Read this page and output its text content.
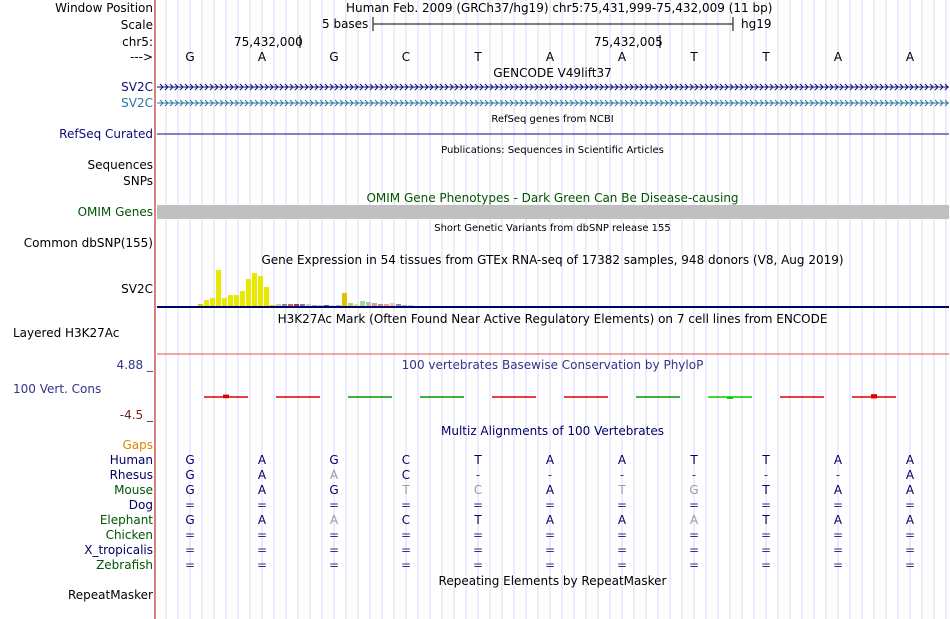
Window Position	Human Feb. 2009 (GRCh37/hg19) chr5:75,431,999-75,432,009 (11 bp)
Scale	5 bases	hg19
chr5:	75,432,000	75,432,005
--->	G	A	G	C	T	A	A	T	T	A	A
GENCODE V49lift37
SV2C
SV2C
RefSeq genes from NCBI
RefSeq Curated
Publications: Sequences in Scientific Articles
Sequences
SNPs
OMIM Gene Phenotypes - Dark Green Can Be Disease-causing
OMIM Genes
Short Genetic Variants from dbSNP release 155
Common dbSNP(155)
Gene Expression in 54 tissues from GTEx RNA-seq of 17382 samples, 948 donors (V8, Aug 2019)
SV2C
H3K27Ac Mark (Often Found Near Active Regulatory Elements) on 7 cell lines from ENCODE
Layered H3K27Ac
100 vertebrates Basewise Conservation by PhyloP
4.88 _
100 Vert. Cons
-4.5 _
Multiz Alignments of 100 Vertebrates
Gaps
Human	G	A	G	C	T	A	A	T	T	A	A
Rhesus	G	A	A	C	-	-	-	-	-	-	A
Mouse	G	A	G	T	C	A	T	G	T	A	A
Dog	=	=	=	=	=	=	=	=	=	=	=
Elephant	G	A	A	C	T	A	A	A	T	A	A
Chicken	=	=	=	=	=	=	=	=	=	=	=
X_tropicalis	=	=	=	=	=	=	=	=	=	=	=
Zebrafish	=	=	=	=	=	=	=	=	=	=	=
Repeating Elements by RepeatMasker
RepeatMasker
